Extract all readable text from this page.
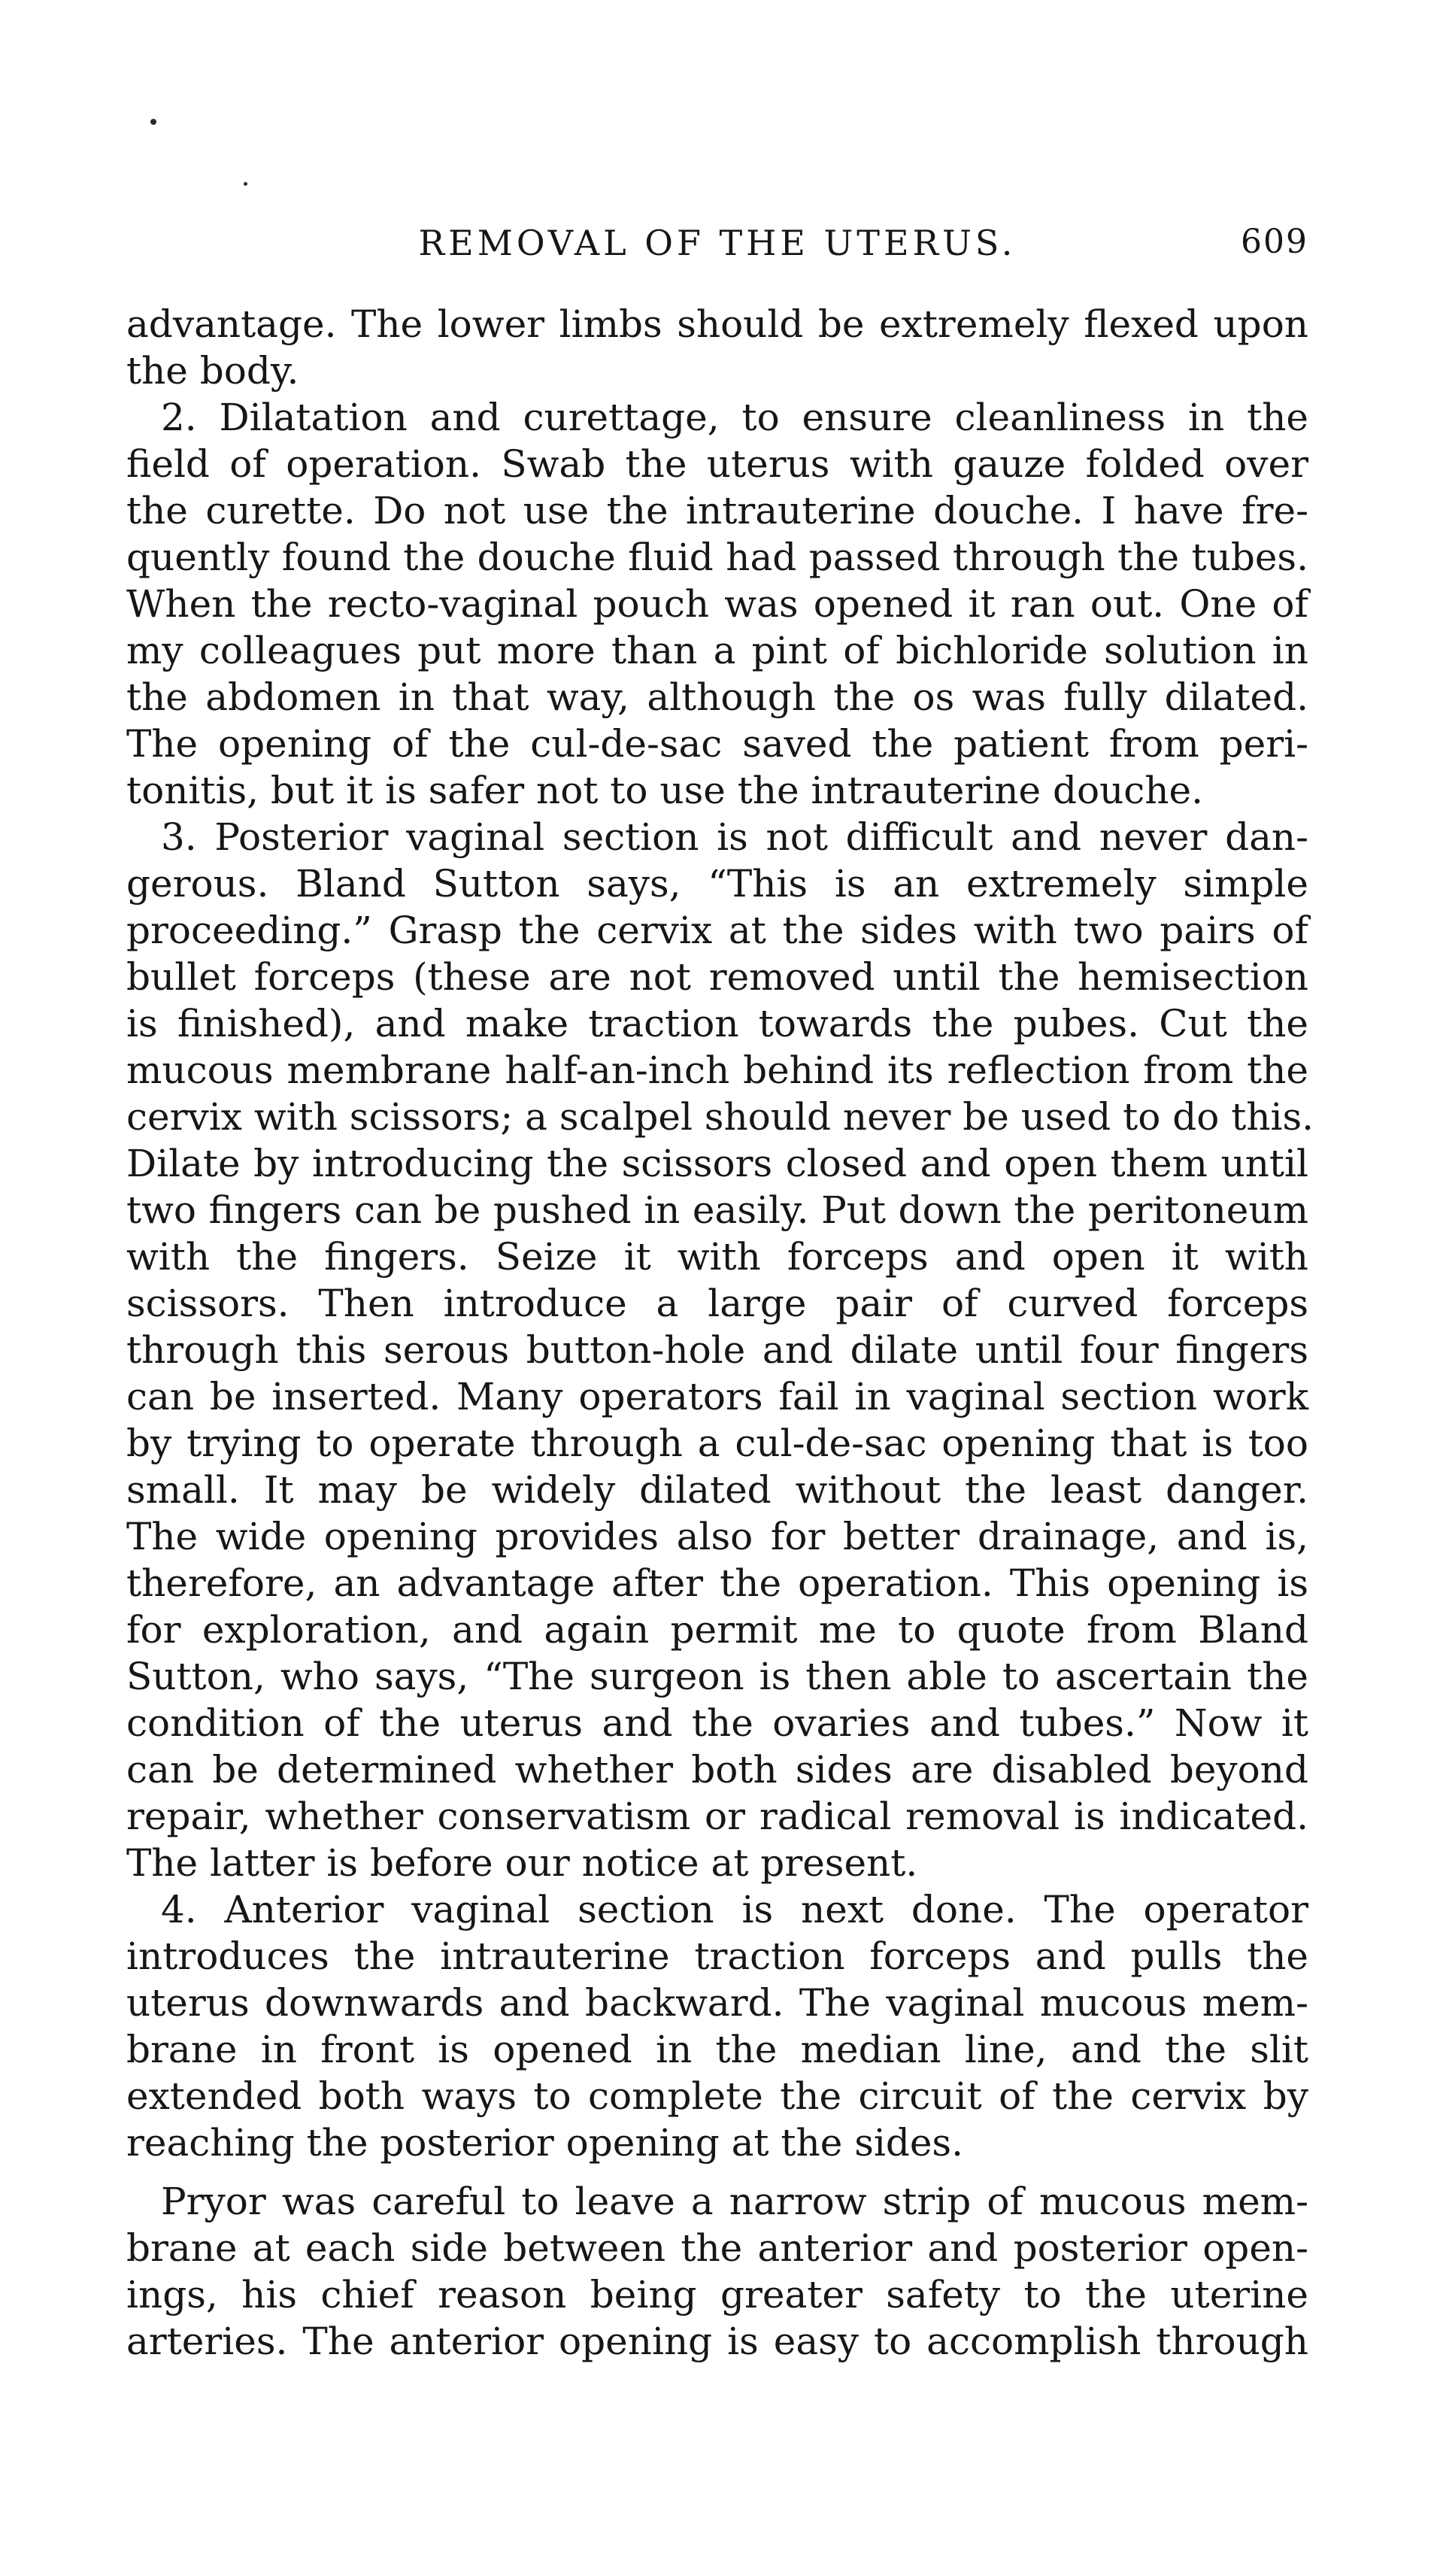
REMOVAL OF THE UTERUS.	609
advantage. The lower limbs should be extremely flexed upon
the body.
2. Dilatation and curettage, to ensure cleanliness in the
field of operation. Swab the uterus with gauze folded over
the curette. Do not use the intrauterine douche. I have fre-
quently found the douche fluid had passed through the tubes.
When the recto-vaginal pouch was opened it ran out. One of
my colleagues put more than a pint of bichloride solution in
the abdomen in that way, although the os was fully dilated.
The opening of the cul-de-sac saved the patient from peri-
tonitis, but it is safer not to use the intrauterine douche.
3. Posterior vaginal section is not difficult and never dan-
gerous. Bland Sutton says, “This is an extremely simple
proceeding.” Grasp the cervix at the sides with two pairs of
bullet forceps (these are not removed until the hemisection
is finished), and make traction towards the pubes. Cut the
mucous membrane half-an-inch behind its reflection from the
cervix with scissors; a scalpel should never be used to do this.
Dilate by introducing the scissors closed and open them until
two fingers can be pushed in easily. Put down the peritoneum
with the fingers. Seize it with forceps and open it with
scissors. Then introduce a large pair of curved forceps
through this serous button-hole and dilate until four fingers
can be inserted. Many operators fail in vaginal section work
by trying to operate through a cul-de-sac opening that is too
small. It may be widely dilated without the least danger.
The wide opening provides also for better drainage, and is,
therefore, an advantage after the operation. This opening is
for exploration, and again permit me to quote from Bland
Sutton, who says, “The surgeon is then able to ascertain the
condition of the uterus and the ovaries and tubes.” Now it
can be determined whether both sides are disabled beyond
repair, whether conservatism or radical removal is indicated.
The latter is before our notice at present.
4. Anterior vaginal section is next done. The operator
introduces the intrauterine traction forceps and pulls the
uterus downwards and backward. The vaginal mucous mem-
brane in front is opened in the median line, and the slit
extended both ways to complete the circuit of the cervix by
reaching the posterior opening at the sides.
Pryor was careful to leave a narrow strip of mucous mem-
brane at each side between the anterior and posterior open-
ings, his chief reason being greater safety to the uterine
arteries. The anterior opening is easy to accomplish through
